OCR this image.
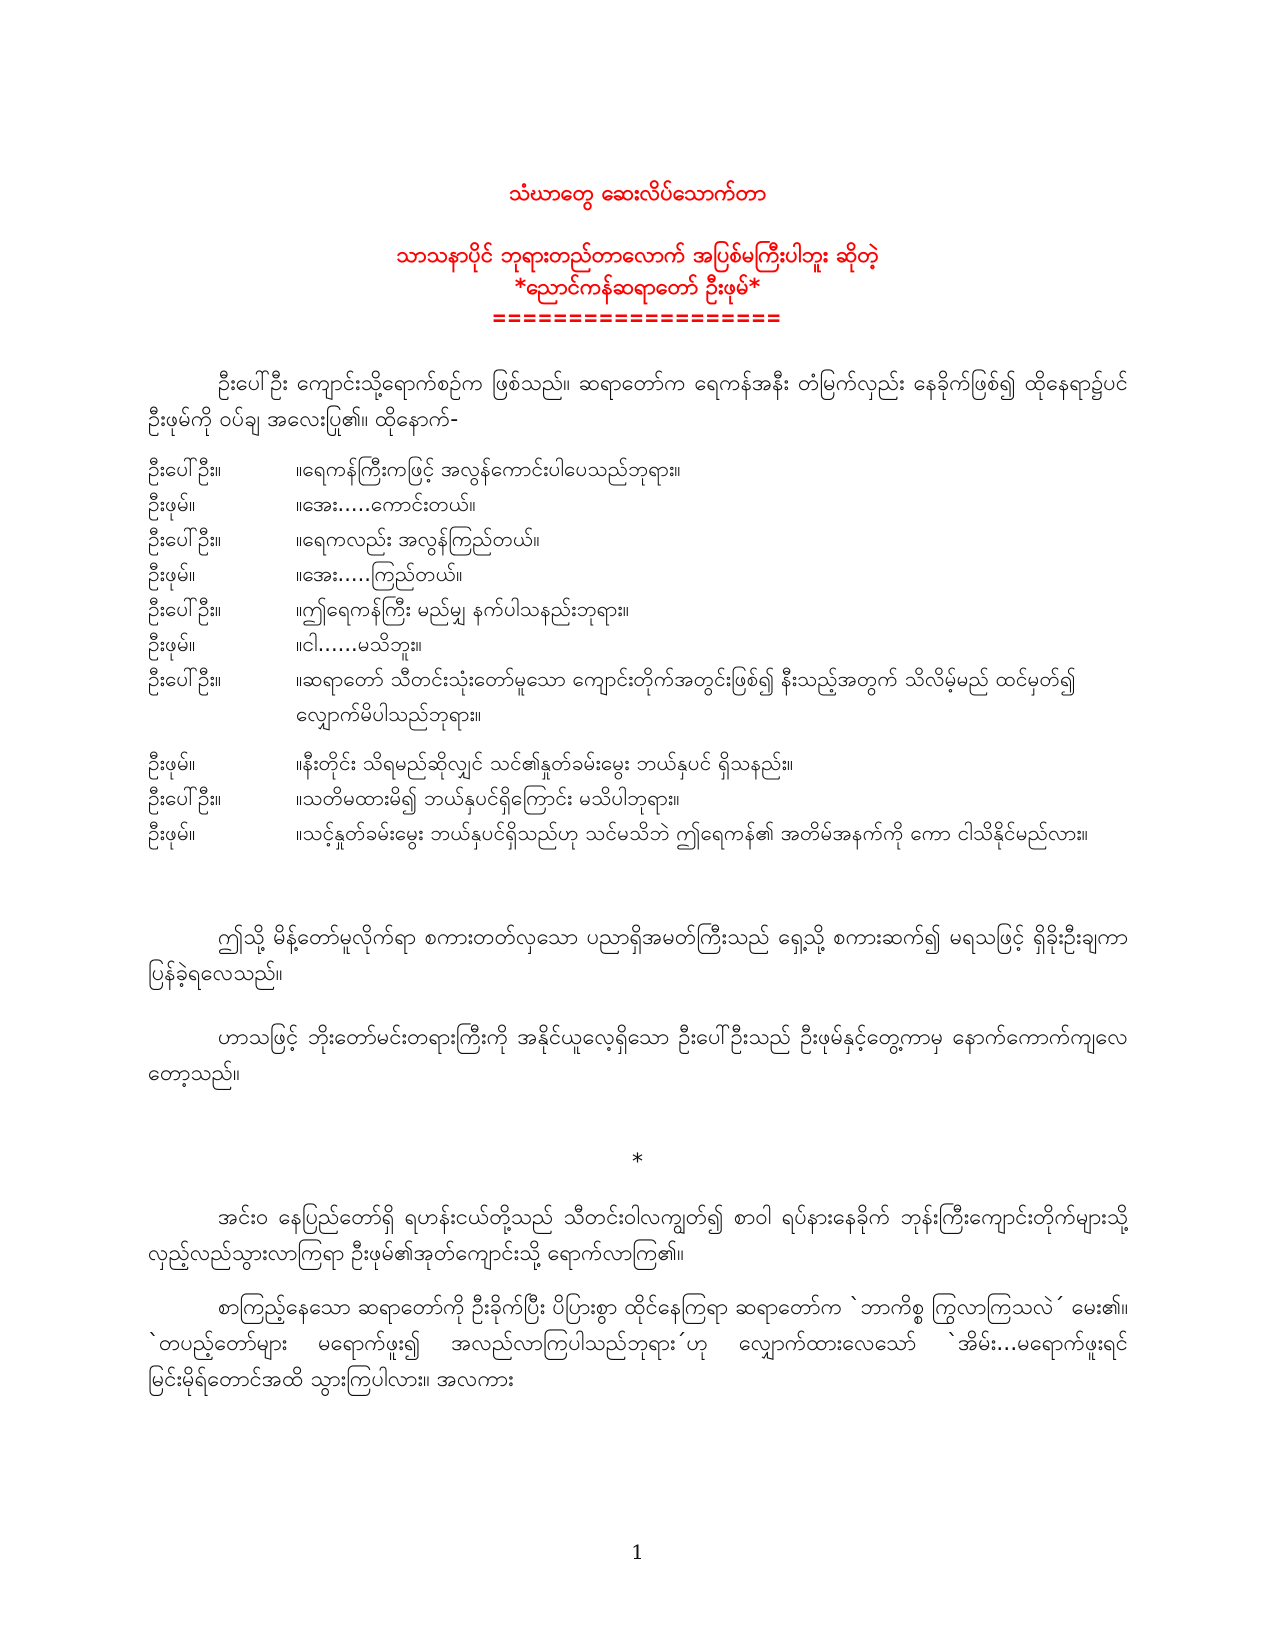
သံဃာတွေ ဆေးလိပ်သောက်တာ
သာသနာပိုင် ဘုရားတည်တာလောက် အပြစ်မကြီးပါဘူး ဆိုတဲ့
*ညောင်ကန်ဆရာတော် ဦးဖုမ်*
===================
ဦးပေါ်ဦး ကျောင်းသို့ရောက်စဉ်က ဖြစ်သည်။ ဆရာတော်က ရေကန်အနီး တံမြက်လှည်း နေခိုက်ဖြစ်၍ ထိုနေရာ၌ပင် ဦးဖုမ်ကို ဝပ်ချ အလေးပြု၏။ ထိုနောက်-
ဦးပေါ်ဦး။	။ရေကန်ကြီးကဖြင့် အလွန်ကောင်းပါပေသည်ဘုရား။
ဦးဖုမ်။	။အေး.....ကောင်းတယ်။
ဦးပေါ်ဦး။	။ရေကလည်း အလွန်ကြည်တယ်။
ဦးဖုမ်။	။အေး.....ကြည်တယ်။
ဦးပေါ်ဦး။	။ဤရေကန်ကြီး မည်မျှ နက်ပါသနည်းဘုရား။
ဦးဖုမ်။	။ငါ......မသိဘူး။
ဦးပေါ်ဦး။	။ဆရာတော် သီတင်းသုံးတော်မူသော ကျောင်းတိုက်အတွင်းဖြစ်၍ နီးသည့်အတွက် သိလိမ့်မည် ထင်မှတ်၍ လျှောက်မိပါသည်ဘုရား။
ဦးဖုမ်။	။နီးတိုင်း သိရမည်ဆိုလျှင် သင်၏နှုတ်ခမ်းမွေး ဘယ်နှပင် ရှိသနည်း။
ဦးပေါ်ဦး။	။သတိမထားမိ၍ ဘယ်နှပင်ရှိကြောင်း မသိပါဘုရား။
ဦးဖုမ်။	။သင့်နှုတ်ခမ်းမွေး ဘယ်နှပင်ရှိသည်ဟု သင်မသိဘဲ ဤရေကန်၏ အတိမ်အနက်ကို ကော ငါသိနိုင်မည်လား။
ဤသို့ မိန့်တော်မူလိုက်ရာ စကားတတ်လှသော ပညာရှိအမတ်ကြီးသည် ရှေ့သို့ စကားဆက်၍ မရသဖြင့် ရှိခိုးဦးချကာ ပြန်ခဲ့ရလေသည်။
ဟာသဖြင့် ဘိုးတော်မင်းတရားကြီးကို အနိုင်ယူလေ့ရှိသော ဦးပေါ်ဦးသည် ဦးဖုမ်နှင့်တွေ့ကာမှ နောက်ကောက်ကျလေတော့သည်။
*
အင်းဝ နေပြည်တော်ရှိ ရဟန်းငယ်တို့သည် သီတင်းဝါလကျွတ်၍ စာဝါ ရပ်နားနေခိုက် ဘုန်းကြီးကျောင်းတိုက်များသို့ လှည့်လည်သွားလာကြရာ ဦးဖုမ်၏အုတ်ကျောင်းသို့ ရောက်လာကြ၏။
စာကြည့်နေသော ဆရာတော်ကို ဦးခိုက်ပြီး ပိပြားစွာ ထိုင်နေကြရာ ဆရာတော်က `ဘာကိစ္စ ကြွလာကြသလဲ´ မေး၏။ `တပည့်တော်များ မရောက်ဖူး၍ အလည်လာကြပါသည်ဘုရား´ဟု လျှောက်ထားလေသော် `အိမ်း...မရောက်ဖူးရင် မြင်းမိုရ်တောင်အထိ သွားကြပါလား။ အလကား
1
